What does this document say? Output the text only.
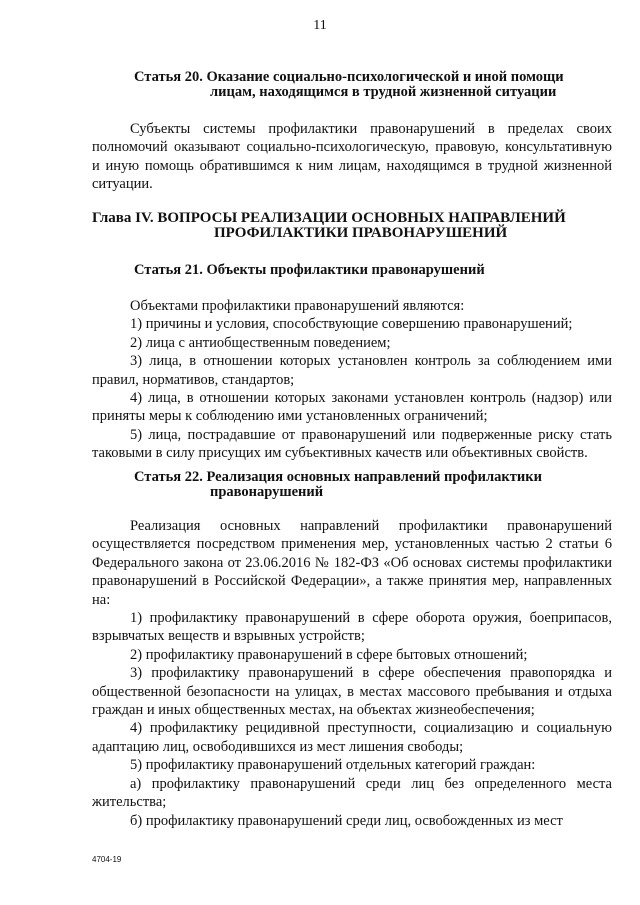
11
Статья 20. Оказание социально-психологической и иной помощи
лицам, находящимся в трудной жизненной ситуации

Субъекты системы профилактики правонарушений в пределах своих полномочий оказывают социально-психологическую, правовую, консультативную и иную помощь обратившимся к ним лицам, находящимся в трудной жизненной ситуации.

Глава IV. ВОПРОСЫ РЕАЛИЗАЦИИ ОСНОВНЫХ НАПРАВЛЕНИЙ
ПРОФИЛАКТИКИ ПРАВОНАРУШЕНИЙ
Статья 21. Объекты профилактики правонарушений

Объектами профилактики правонарушений являются:

1) причины и условия, способствующие совершению правонарушений;

2) лица с антиобщественным поведением;

3) лица, в отношении которых установлен контроль за соблюдением ими правил, нормативов, стандартов;

4) лица, в отношении которых законами установлен контроль (надзор) или приняты меры к соблюдению ими установленных ограничений;

5) лица, пострадавшие от правонарушений или подверженные риску стать таковыми в силу присущих им субъективных качеств или объективных свойств.

Статья 22. Реализация основных направлений профилактики
правонарушений

Реализация основных направлений профилактики правонарушений осуществляется посредством применения мер, установленных частью 2 статьи 6 Федерального закона от 23.06.2016 № 182-ФЗ «Об основах системы профилактики правонарушений в Российской Федерации», а также принятия мер, направленных на:

1) профилактику правонарушений в сфере оборота оружия, боеприпасов, взрывчатых веществ и взрывных устройств;

2) профилактику правонарушений в сфере бытовых отношений;

3) профилактику правонарушений в сфере обеспечения правопорядка и общественной безопасности на улицах, в местах массового пребывания и отдыха граждан и иных общественных местах, на объектах жизнеобеспечения;

4) профилактику рецидивной преступности, социализацию и социальную адаптацию лиц, освободившихся из мест лишения свободы;

5) профилактику правонарушений отдельных категорий граждан:

а) профилактику правонарушений среди лиц без определенного места жительства;

б) профилактику правонарушений среди лиц, освобожденных из мест

4704-19
